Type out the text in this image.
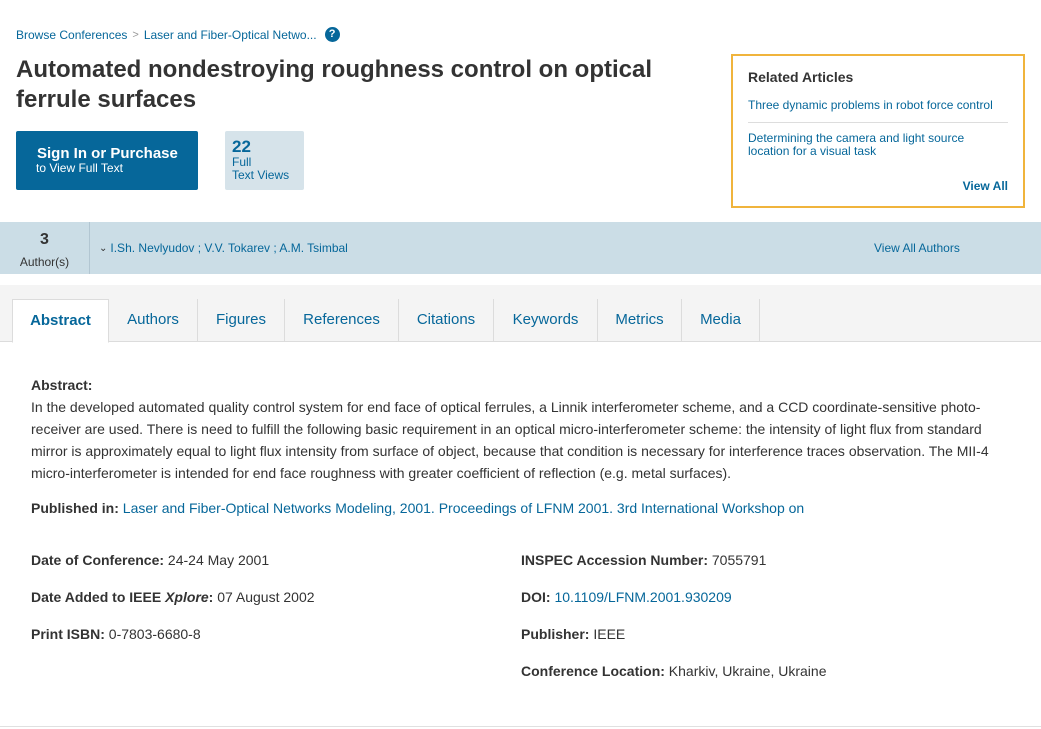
Browse Conferences > Laser and Fiber-Optical Netwo...	?
Automated nondestroying roughness control on optical ferrule surfaces
Sign In or Purchase
to View Full Text
22
Full
Text Views
Related Articles
Three dynamic problems in robot force control
Determining the camera and light source location for a visual task
View All
3
Author(s)
⌄ I.Sh. Nevlyudov ; V.V. Tokarev ; A.M. Tsimbal	View All Authors
Abstract	Authors	Figures	References	Citations	Keywords	Metrics	Media
Abstract:

In the developed automated quality control system for end face of optical ferrules, a Linnik interferometer scheme, and a CCD coordinate-sensitive photo-receiver are used. There is need to fulfill the following basic requirement in an optical micro-interferometer scheme: the intensity of light flux from standard mirror is approximately equal to light flux intensity from surface of object, because that condition is necessary for interference traces observation. The MII-4 micro-interferometer is intended for end face roughness with greater coefficient of reflection (e.g. metal surfaces).

Published in: Laser and Fiber-Optical Networks Modeling, 2001. Proceedings of LFNM 2001. 3rd International Workshop on
Date of Conference: 24-24 May 2001
Date Added to IEEE Xplore: 07 August 2002
Print ISBN: 0-7803-6680-8
INSPEC Accession Number: 7055791
DOI: 10.1109/LFNM.2001.930209
Publisher: IEEE
Conference Location: Kharkiv, Ukraine, Ukraine
